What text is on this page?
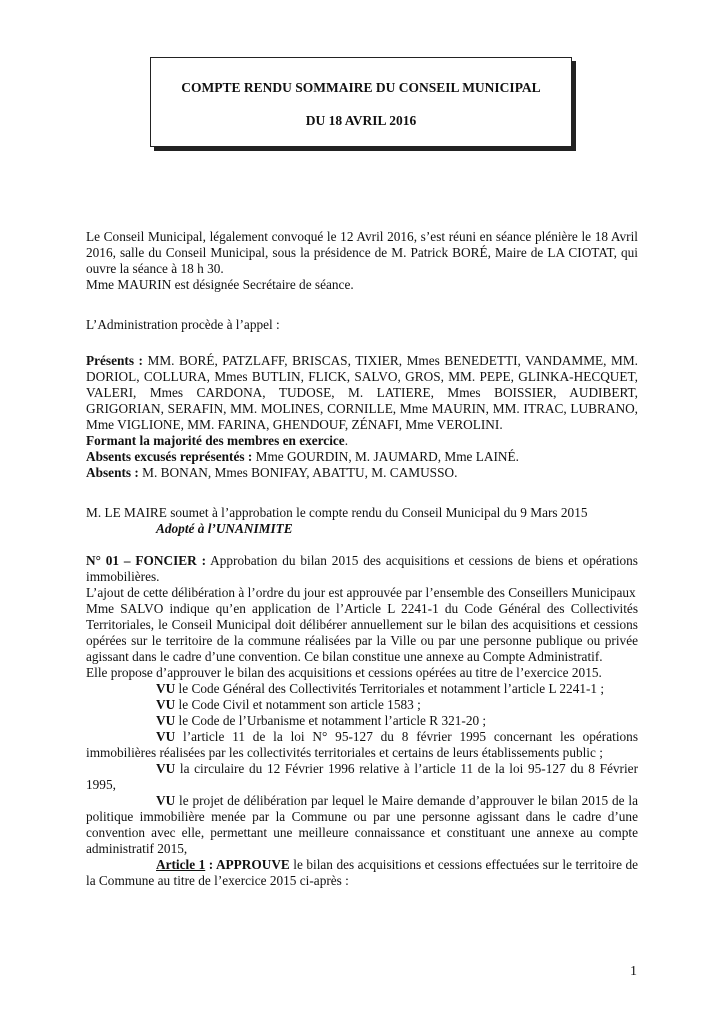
COMPTE RENDU SOMMAIRE DU CONSEIL MUNICIPAL
DU 18 AVRIL 2016

Le Conseil Municipal, légalement convoqué le 12 Avril 2016, s’est réuni en séance plénière le 18 Avril 2016, salle du Conseil Municipal, sous la présidence de M. Patrick BORÉ, Maire de LA CIOTAT, qui ouvre la séance à 18 h 30.

Mme MAURIN est désignée Secrétaire de séance.

L’Administration procède à l’appel :

Présents : MM. BORÉ, PATZLAFF, BRISCAS, TIXIER, Mmes BENEDETTI, VANDAMME, MM. DORIOL, COLLURA, Mmes BUTLIN, FLICK, SALVO, GROS, MM. PEPE, GLINKA-HECQUET, VALERI, Mmes CARDONA, TUDOSE, M. LATIERE, Mmes BOISSIER, AUDIBERT, GRIGORIAN, SERAFIN, MM. MOLINES, CORNILLE, Mme MAURIN, MM. ITRAC, LUBRANO, Mme VIGLIONE, MM. FARINA, GHENDOUF, ZÉNAFI, Mme VEROLINI.

Formant la majorité des membres en exercice.

Absents excusés représentés : Mme GOURDIN, M. JAUMARD, Mme LAINÉ.

Absents : M. BONAN, Mmes BONIFAY, ABATTU, M. CAMUSSO.

M. LE MAIRE soumet à l’approbation le compte rendu du Conseil Municipal du 9 Mars 2015

Adopté à l’UNANIMITE

N° 01 – FONCIER : Approbation du bilan 2015 des acquisitions et cessions de biens et opérations immobilières.

L’ajout de cette délibération à l’ordre du jour est approuvée par l’ensemble des Conseillers Municipaux

Mme SALVO indique qu’en application de l’Article L 2241-1 du Code Général des Collectivités Territoriales, le Conseil Municipal doit délibérer annuellement sur le bilan des acquisitions et cessions opérées sur le territoire de la commune réalisées par la Ville ou par une personne publique ou privée agissant dans le cadre d’une convention. Ce bilan constitue une annexe au Compte Administratif.

Elle propose d’approuver le bilan des acquisitions et cessions opérées au titre de l’exercice 2015.

VU le Code Général des Collectivités Territoriales et notamment l’article L 2241-1 ;

VU le Code Civil et notamment son article 1583 ;

VU le Code de l’Urbanisme et notamment l’article R 321-20 ;

VU l’article 11 de la loi N° 95-127 du 8 février 1995 concernant les opérations immobilières réalisées par les collectivités territoriales et certains de leurs établissements public ;

VU la circulaire du 12 Février 1996 relative à l’article 11 de la loi 95-127 du 8 Février 1995,

VU le projet de délibération par lequel le Maire demande d’approuver le bilan 2015 de la politique immobilière menée par la Commune ou par une personne agissant dans le cadre d’une convention avec elle, permettant une meilleure connaissance et constituant une annexe au compte administratif 2015,

Article 1 : APPROUVE le bilan des acquisitions et cessions effectuées sur le territoire de la Commune au titre de l’exercice 2015 ci-après :

1
